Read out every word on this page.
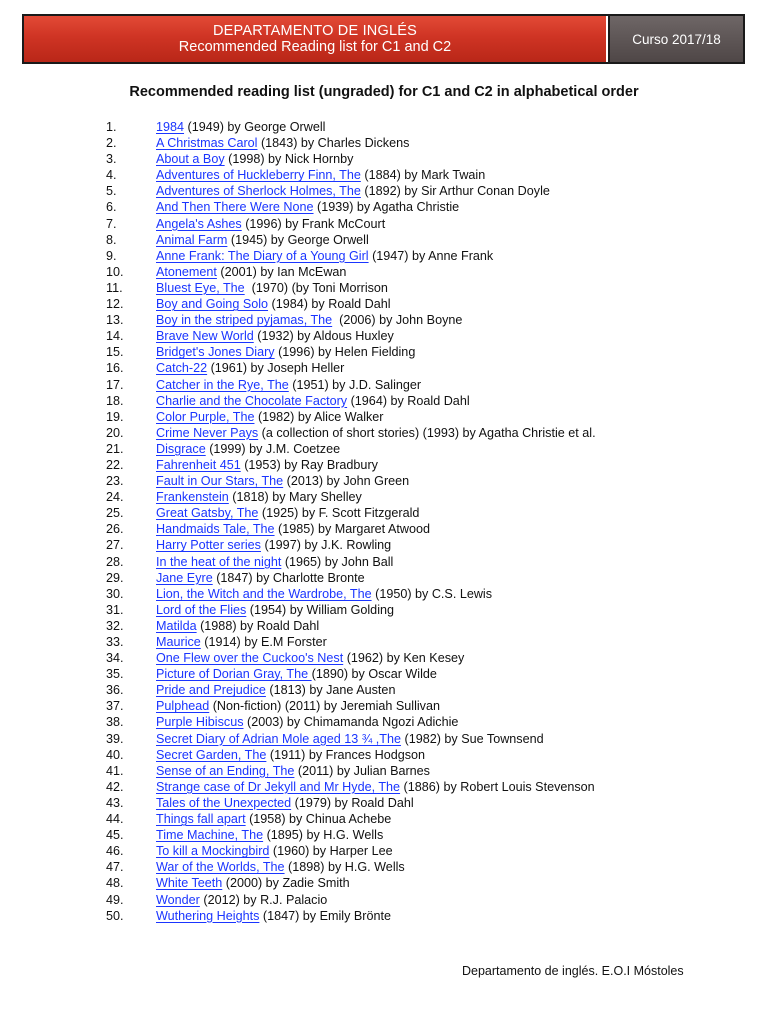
DEPARTAMENTO DE INGLÉS
Recommended Reading list for C1 and C2	Curso 2017/18
Recommended reading list (ungraded) for C1 and C2 in alphabetical order
1.	1984 (1949) by George Orwell
2.	A Christmas Carol (1843) by Charles Dickens
3.	About a Boy (1998) by Nick Hornby
4.	Adventures of Huckleberry Finn, The (1884) by Mark Twain
5.	Adventures of Sherlock Holmes, The (1892) by Sir Arthur Conan Doyle
6.	And Then There Were None (1939) by Agatha Christie
7.	Angela's Ashes (1996) by Frank McCourt
8.	Animal Farm (1945) by George Orwell
9.	Anne Frank: The Diary of a Young Girl (1947) by Anne Frank
10.	Atonement (2001) by Ian McEwan
11.	Bluest Eye, The  (1970) (by Toni Morrison
12.	Boy and Going Solo (1984) by Roald Dahl
13.	Boy in the striped pyjamas, The  (2006) by John Boyne
14.	Brave New World (1932) by Aldous Huxley
15.	Bridget's Jones Diary (1996) by Helen Fielding
16.	Catch-22 (1961) by Joseph Heller
17.	Catcher in the Rye, The (1951) by J.D. Salinger
18.	Charlie and the Chocolate Factory (1964) by Roald Dahl
19.	Color Purple, The (1982) by Alice Walker
20.	Crime Never Pays (a collection of short stories) (1993) by Agatha Christie et al.
21.	Disgrace (1999) by J.M. Coetzee
22.	Fahrenheit 451 (1953) by Ray Bradbury
23.	Fault in Our Stars, The (2013) by John Green
24.	Frankenstein (1818) by Mary Shelley
25.	Great Gatsby, The (1925) by F. Scott Fitzgerald
26.	Handmaids Tale, The (1985) by Margaret Atwood
27.	Harry Potter series (1997) by J.K. Rowling
28.	In the heat of the night (1965) by John Ball
29.	Jane Eyre (1847) by Charlotte Bronte
30.	Lion, the Witch and the Wardrobe, The (1950) by C.S. Lewis
31.	Lord of the Flies (1954) by William Golding
32.	Matilda (1988) by Roald Dahl
33.	Maurice (1914) by E.M Forster
34.	One Flew over the Cuckoo's Nest (1962) by Ken Kesey
35.	Picture of Dorian Gray, The (1890) by Oscar Wilde
36.	Pride and Prejudice (1813) by Jane Austen
37.	Pulphead (Non-fiction) (2011) by Jeremiah Sullivan
38.	Purple Hibiscus (2003) by Chimamanda Ngozi Adichie
39.	Secret Diary of Adrian Mole aged 13 ¾ ,The (1982) by Sue Townsend
40.	Secret Garden, The (1911) by Frances Hodgson
41.	Sense of an Ending, The (2011) by Julian Barnes
42.	Strange case of Dr Jekyll and Mr Hyde, The (1886) by Robert Louis Stevenson
43.	Tales of the Unexpected (1979) by Roald Dahl
44.	Things fall apart (1958) by Chinua Achebe
45.	Time Machine, The (1895) by H.G. Wells
46.	To kill a Mockingbird (1960) by Harper Lee
47.	War of the Worlds, The (1898) by H.G. Wells
48.	White Teeth (2000) by Zadie Smith
49.	Wonder (2012) by R.J. Palacio
50.	Wuthering Heights (1847) by Emily Brönte
Departamento de inglés. E.O.I Móstoles
